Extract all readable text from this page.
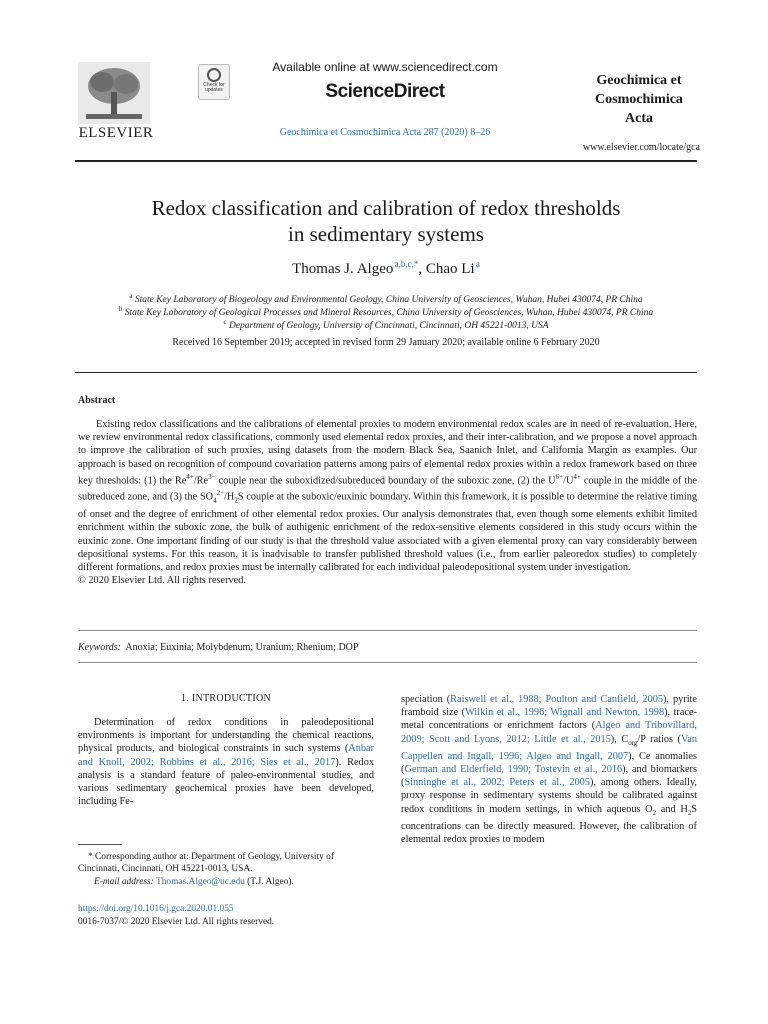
ELSEVIER
Check for updates
Available online at www.sciencedirect.com
ScienceDirect
Geochimica et Cosmochimica Acta 287 (2020) 8–26
Geochimica et
Cosmochimica
Acta
www.elsevier.com/locate/gca
Redox classification and calibration of redox thresholds
in sedimentary systems
Thomas J. Algeo $^{a,b,c,*}$, Chao Li $^a$
$^a$ State Key Laboratory of Biogeology and Environmental Geology, China University of Geosciences, Wuhan, Hubei 430074, PR China
$^b$ State Key Laboratory of Geological Processes and Mineral Resources, China University of Geosciences, Wuhan, Hubei 430074, PR China
$^c$ Department of Geology, University of Cincinnati, Cincinnati, OH 45221-0013, USA
Received 16 September 2019; accepted in revised form 29 January 2020; available online 6 February 2020
Abstract
Existing redox classifications and the calibrations of elemental proxies to modern environmental redox scales are in need of re-evaluation. Here, we review environmental redox classifications, commonly used elemental redox proxies, and their inter-calibration, and we propose a novel approach to improve the calibration of such proxies, using datasets from the modern Black Sea, Saanich Inlet, and California Margin as examples. Our approach is based on recognition of compound covariation patterns among pairs of elemental redox proxies within a redox framework based on three key thresholds: (1) the $Re^{4+}/Re^{3-}$ couple near the suboxidized/subreduced boundary of the suboxic zone, (2) the $U^{6+}/U^{4+}$ couple in the middle of the subreduced zone, and (3) the $SO_4^{2-}/H_2S$ couple at the suboxic/euxinic boundary. Within this framework, it is possible to determine the relative timing of onset and the degree of enrichment of other elemental redox proxies. Our analysis demonstrates that, even though some elements exhibit limited enrichment within the suboxic zone, the bulk of authigenic enrichment of the redox-sensitive elements considered in this study occurs within the euxinic zone. One important finding of our study is that the threshold value associated with a given elemental proxy can vary considerably between depositional systems. For this reason, it is inadvisable to transfer published threshold values (i.e., from earlier paleoredox studies) to completely different formations, and redox proxies must be internally calibrated for each individual paleodepositional system under investigation.
© 2020 Elsevier Ltd. All rights reserved.
Keywords: Anoxia; Euxinia; Molybdenum; Uranium; Rhenium; DOP
1. INTRODUCTION
Determination of redox conditions in paleodepositional environments is important for understanding the chemical reactions, physical products, and biological constraints in such systems (Anbar and Knoll, 2002; Robbins et al., 2016; Sies et al., 2017). Redox analysis is a standard feature of paleo-environmental studies, and various sedimentary geochemical proxies have been developed, including Fe-
speciation (Raiswell et al., 1988; Poulton and Canfield, 2005), pyrite framboid size (Wilkin et al., 1996; Wignall and Newton, 1998), trace-metal concentrations or enrichment factors (Algeo and Tribovillard, 2009; Scott and Lyons, 2012; Little et al., 2015), $C_{org}/P$ ratios (Van Cappellen and Ingall, 1996; Algeo and Ingall, 2007), Ce anomalies (German and Elderfield, 1990; Tostevin et al., 2016), and biomarkers (Sinninghe et al., 2002; Peters et al., 2005), among others. Ideally, proxy response in sedimentary systems should be calibrated against redox conditions in modern settings, in which aqueous $O_2$ and $H_2S$ concentrations can be directly measured. However, the calibration of elemental redox proxies to modern
* Corresponding author at: Department of Geology, University of Cincinnati, Cincinnati, OH 45221-0013, USA.
E-mail address: Thomas.Algeo@uc.edu (T.J. Algeo).
https://doi.org/10.1016/j.gca.2020.01.055
0016-7037/© 2020 Elsevier Ltd. All rights reserved.
